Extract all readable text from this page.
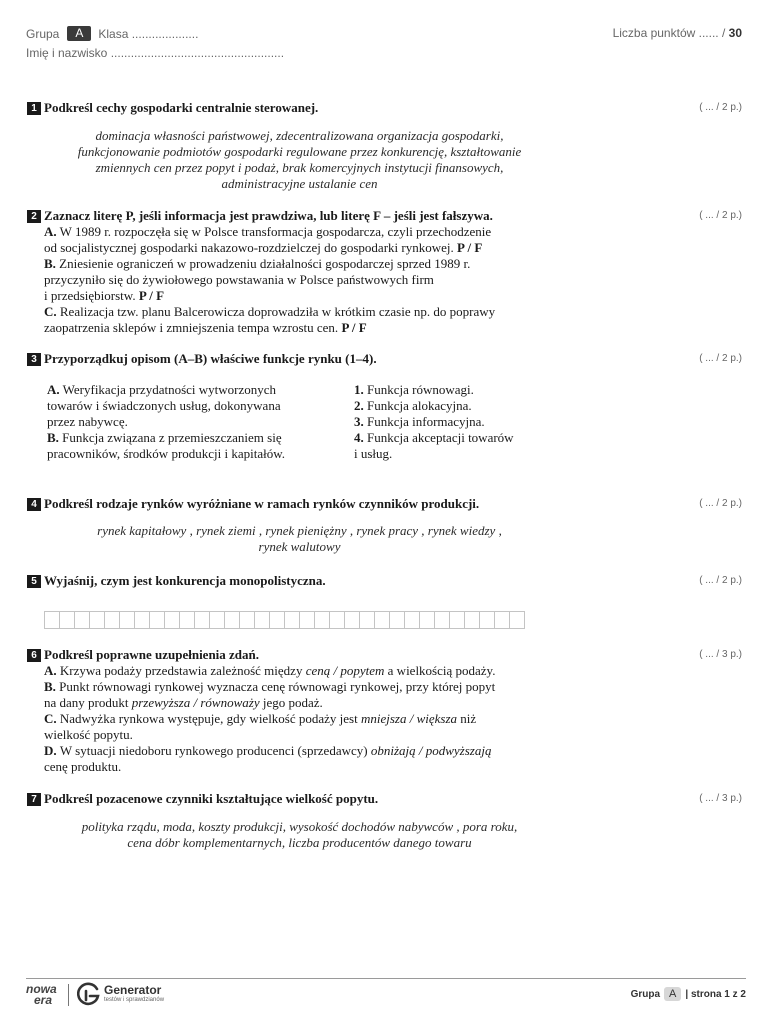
Grupa	A	Klasa ....................
Imię i nazwisko ....................................................
Liczba punktów ...... / 30
1 Podkreśl cechy gospodarki centralnie sterowanej.	( ... / 2 p.)
dominacja własności państwowej, zdecentralizowana organizacja gospodarki,
funkcjonowanie podmiotów gospodarki regulowane przez konkurencję, kształtowanie
zmiennych cen przez popyt i podaż, brak komercyjnych instytucji finansowych,
administracyjne ustalanie cen
2 Zaznacz literę P, jeśli informacja jest prawdziwa, lub literę F – jeśli jest fałszywa.	( ... / 2 p.)
A. W 1989 r. rozpoczęła się w Polsce transformacja gospodarcza, czyli przechodzenie
od socjalistycznej gospodarki nakazowo-rozdzielczej do gospodarki rynkowej. P / F
B. Zniesienie ograniczeń w prowadzeniu działalności gospodarczej sprzed 1989 r.
przyczyniło się do żywiołowego powstawania w Polsce państwowych firm
i przedsiębiorstw. P / F
C. Realizacja tzw. planu Balcerowicza doprowadziła w krótkim czasie np. do poprawy
zaopatrzenia sklepów i zmniejszenia tempa wzrostu cen. P / F
3 Przyporządkuj opisom (A–B) właściwe funkcje rynku (1–4).	( ... / 2 p.)
A. Weryfikacja przydatności wytworzonych
towarów i świadczonych usług, dokonywana
przez nabywcę.
B. Funkcja związana z przemieszczaniem się
pracowników, środków produkcji i kapitałów.
1. Funkcja równowagi.
2. Funkcja alokacyjna.
3. Funkcja informacyjna.
4. Funkcja akceptacji towarów
i usług.
4 Podkreśl rodzaje rynków wyróżniane w ramach rynków czynników produkcji.	( ... / 2 p.)
rynek kapitałowy , rynek ziemi , rynek pieniężny , rynek pracy , rynek wiedzy ,
rynek walutowy
5 Wyjaśnij, czym jest konkurencja monopolistyczna.	( ... / 2 p.)
6 Podkreśl poprawne uzupełnienia zdań.	( ... / 3 p.)
A. Krzywa podaży przedstawia zależność między ceną / popytem a wielkością podaży.
B. Punkt równowagi rynkowej wyznacza cenę równowagi rynkowej, przy której popyt
na dany produkt przewyższa / równoważy jego podaż.
C. Nadwyżka rynkowa występuje, gdy wielkość podaży jest mniejsza / większa niż
wielkość popytu.
D. W sytuacji niedoboru rynkowego producenci (sprzedawcy) obniżają / podwyższają
cenę produktu.
7 Podkreśl pozacenowe czynniki kształtujące wielkość popytu.	( ... / 3 p.)
polityka rządu, moda, koszty produkcji, wysokość dochodów nabywców , pora roku,
cena dóbr komplementarnych, liczba producentów danego towaru
nowa
era
Generator
testów i sprawdzianów
Grupa A | strona 1 z 2
